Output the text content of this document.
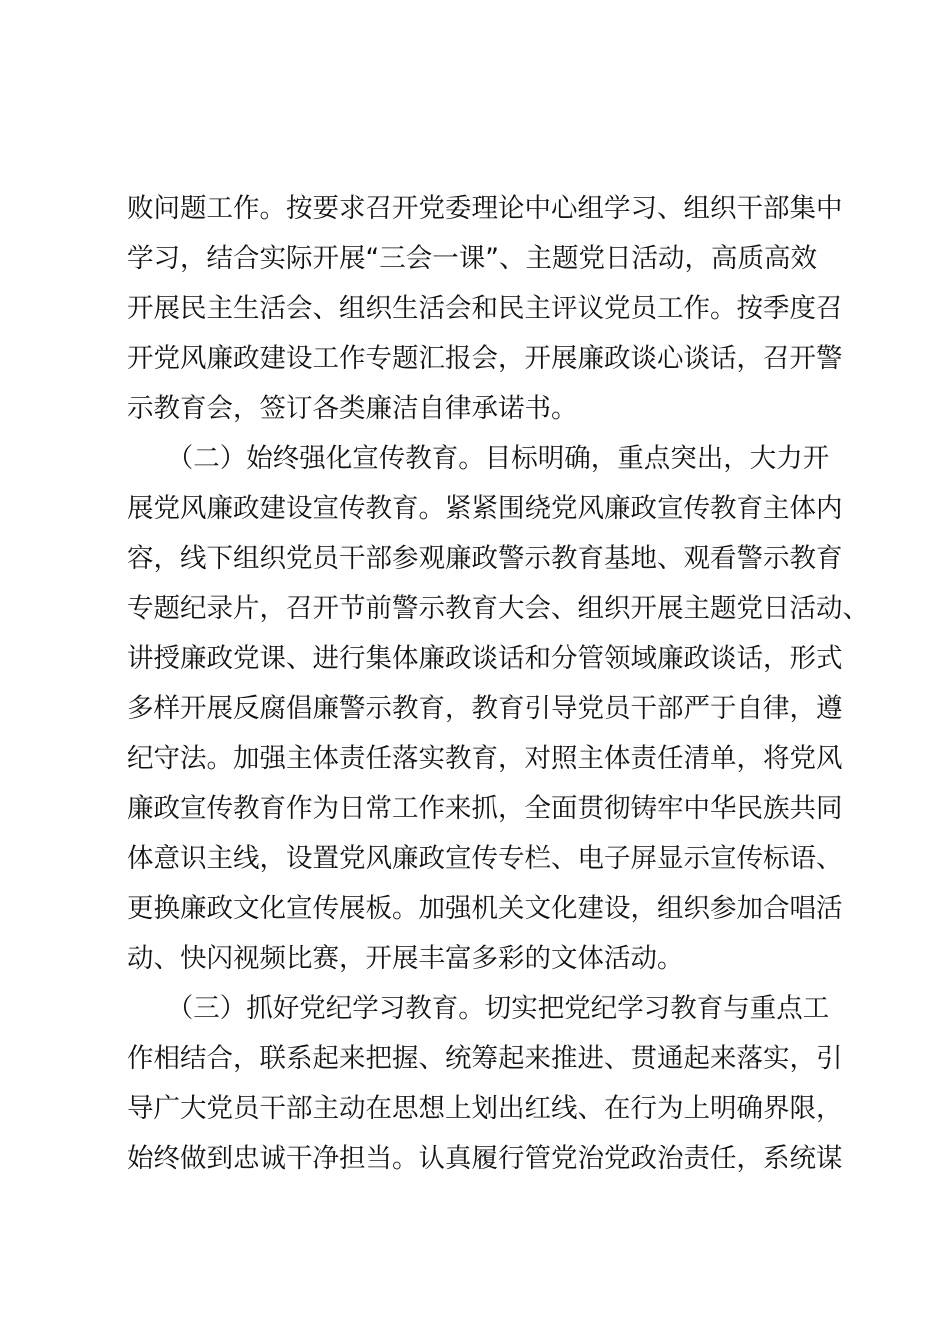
败问题工作。按要求召开党委理论中心组学习、组织干部集中
学习，结合实际开展“三会一课”、主题党日活动，高质高效
开展民主生活会、组织生活会和民主评议党员工作。按季度召
开党风廉政建设工作专题汇报会，开展廉政谈心谈话，召开警
示教育会，签订各类廉洁自律承诺书。
　　（二）始终强化宣传教育。目标明确，重点突出，大力开
展党风廉政建设宣传教育。紧紧围绕党风廉政宣传教育主体内
容，线下组织党员干部参观廉政警示教育基地、观看警示教育
专题纪录片，召开节前警示教育大会、组织开展主题党日活动、
讲授廉政党课、进行集体廉政谈话和分管领域廉政谈话，形式
多样开展反腐倡廉警示教育，教育引导党员干部严于自律，遵
纪守法。加强主体责任落实教育，对照主体责任清单，将党风
廉政宣传教育作为日常工作来抓，全面贯彻铸牢中华民族共同
体意识主线，设置党风廉政宣传专栏、电子屏显示宣传标语、
更换廉政文化宣传展板。加强机关文化建设，组织参加合唱活
动、快闪视频比赛，开展丰富多彩的文体活动。
　　（三）抓好党纪学习教育。切实把党纪学习教育与重点工
作相结合，联系起来把握、统筹起来推进、贯通起来落实，引
导广大党员干部主动在思想上划出红线、在行为上明确界限，
始终做到忠诚干净担当。认真履行管党治党政治责任，系统谋
